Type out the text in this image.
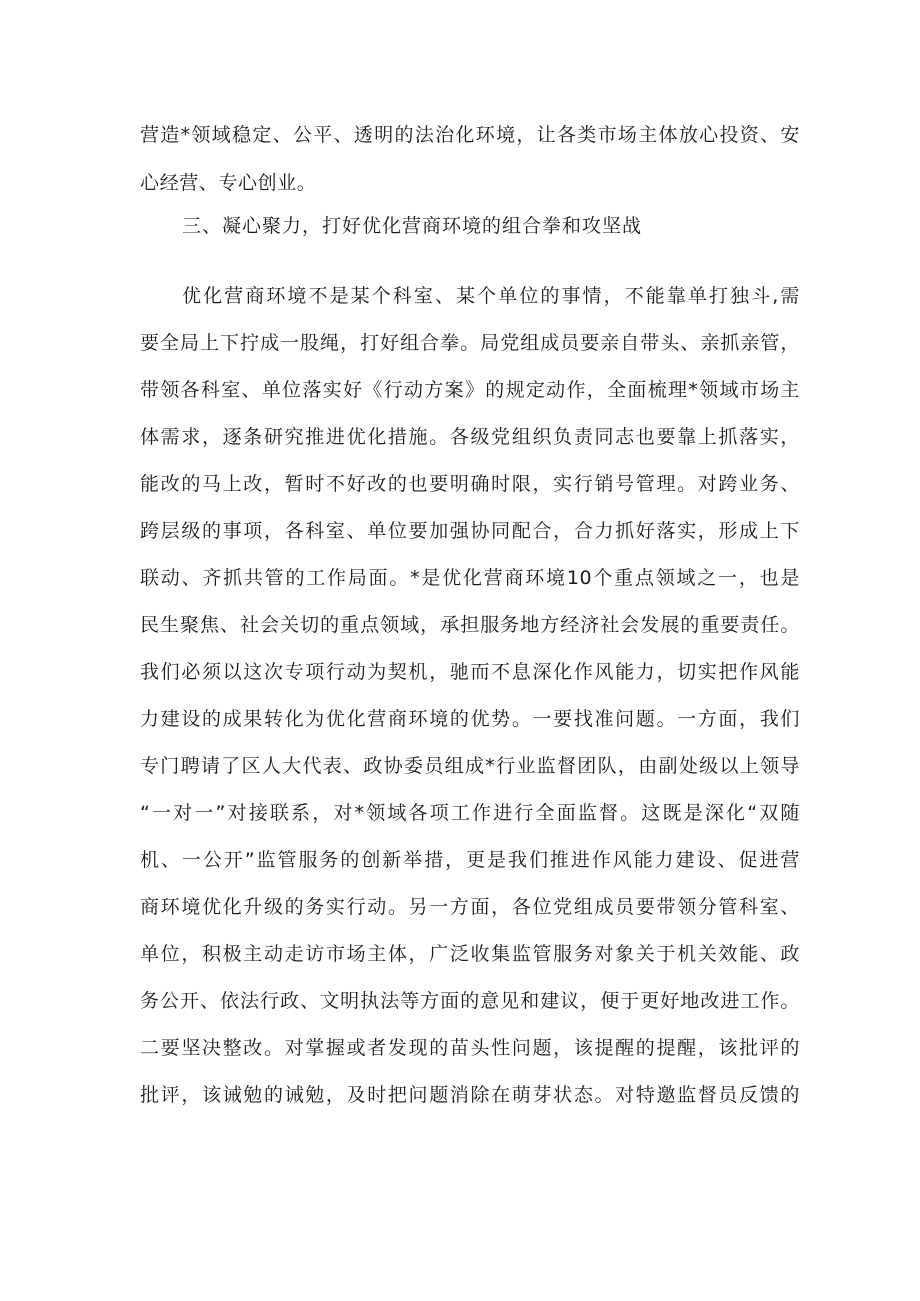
营造*领域稳定、公平、透明的法治化环境，让各类市场主体放心投资、安
心经营、专心创业。
三、凝心聚力，打好优化营商环境的组合拳和攻坚战
优化营商环境不是某个科室、某个单位的事情，不能靠单打独斗,需
要全局上下拧成一股绳，打好组合拳。局党组成员要亲自带头、亲抓亲管，
带领各科室、单位落实好《行动方案》的规定动作，全面梳理*领域市场主
体需求，逐条研究推进优化措施。各级党组织负责同志也要靠上抓落实，
能改的马上改，暂时不好改的也要明确时限，实行销号管理。对跨业务、
跨层级的事项，各科室、单位要加强协同配合，合力抓好落实，形成上下
联动、齐抓共管的工作局面。*是优化营商环境10个重点领域之一，也是
民生聚焦、社会关切的重点领域，承担服务地方经济社会发展的重要责任。
我们必须以这次专项行动为契机，驰而不息深化作风能力，切实把作风能
力建设的成果转化为优化营商环境的优势。一要找准问题。一方面，我们
专门聘请了区人大代表、政协委员组成*行业监督团队，由副处级以上领导
“一对一”对接联系，对*领域各项工作进行全面监督。这既是深化“双随
机、一公开”监管服务的创新举措，更是我们推进作风能力建设、促进营
商环境优化升级的务实行动。另一方面，各位党组成员要带领分管科室、
单位，积极主动走访市场主体，广泛收集监管服务对象关于机关效能、政
务公开、依法行政、文明执法等方面的意见和建议，便于更好地改进工作。
二要坚决整改。对掌握或者发现的苗头性问题，该提醒的提醒，该批评的
批评，该诫勉的诫勉，及时把问题消除在萌芽状态。对特邀监督员反馈的
